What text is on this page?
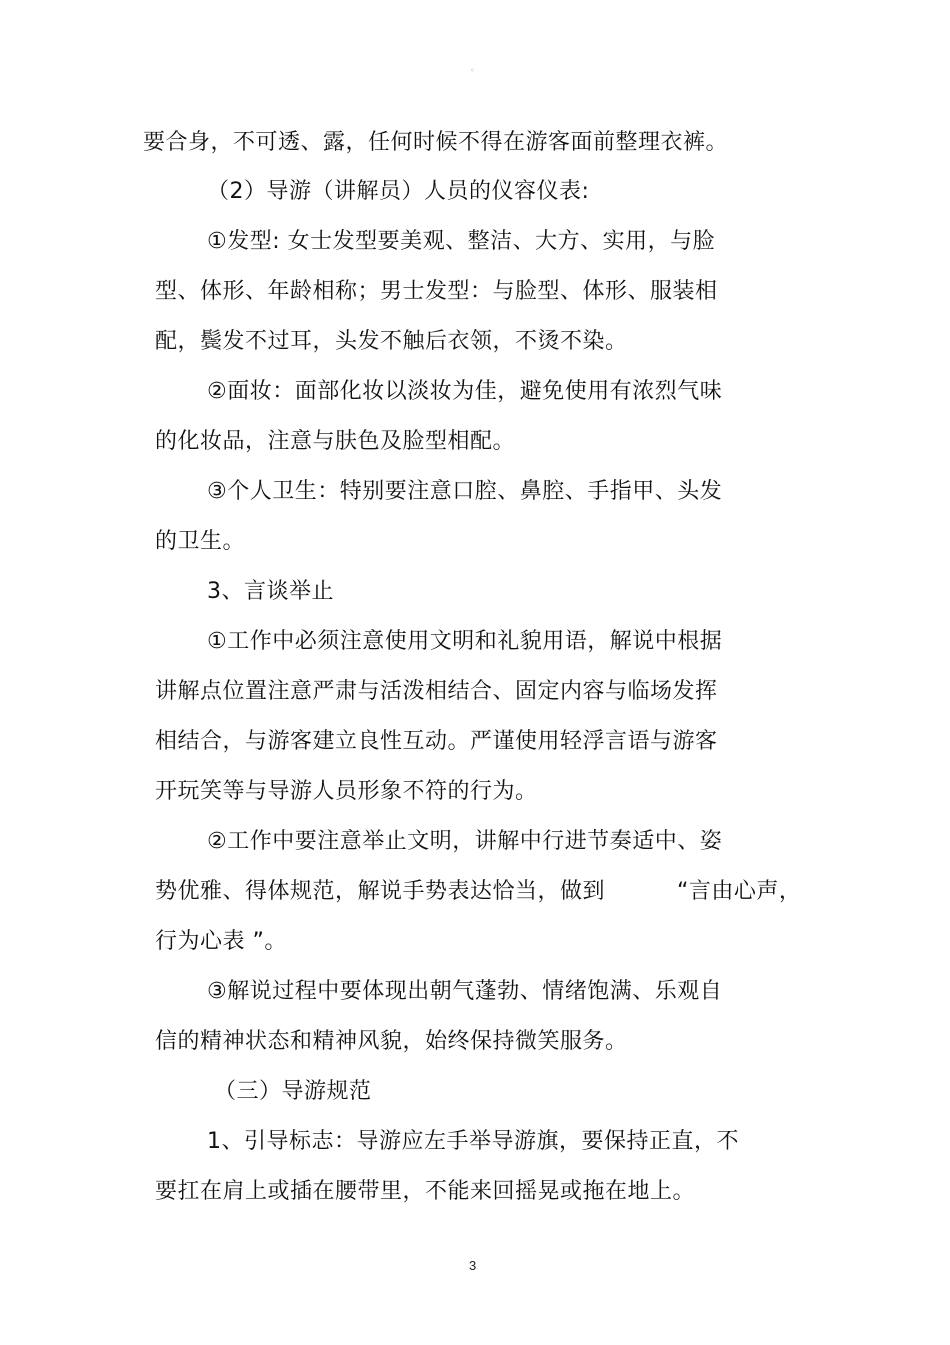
◦
要合身，不可透、露，任何时候不得在游客面前整理衣裤。
（2）导游（讲解员）人员的仪容仪表:
①发型: 女士发型要美观、整洁、大方、实用，与脸
型、体形、年龄相称；男士发型：与脸型、体形、服装相
配，鬓发不过耳，头发不触后衣领，不烫不染。
②面妆：面部化妆以淡妆为佳，避免使用有浓烈气味
的化妆品，注意与肤色及脸型相配。
③个人卫生：特别要注意口腔、鼻腔、手指甲、头发
的卫生。
3、言谈举止
①工作中必须注意使用文明和礼貌用语，解说中根据
讲解点位置注意严肃与活泼相结合、固定内容与临场发挥
相结合，与游客建立良性互动。严谨使用轻浮言语与游客
开玩笑等与导游人员形象不符的行为。
②工作中要注意举止文明，讲解中行进节奏适中、姿
势优雅、得体规范，解说手势表达恰当，做到	“言由心声，
行为心表 ”。
③解说过程中要体现出朝气蓬勃、情绪饱满、乐观自
信的精神状态和精神风貌，始终保持微笑服务。
（三）导游规范
1、引导标志：导游应左手举导游旗，要保持正直，不
要扛在肩上或插在腰带里，不能来回摇晃或拖在地上。
3
